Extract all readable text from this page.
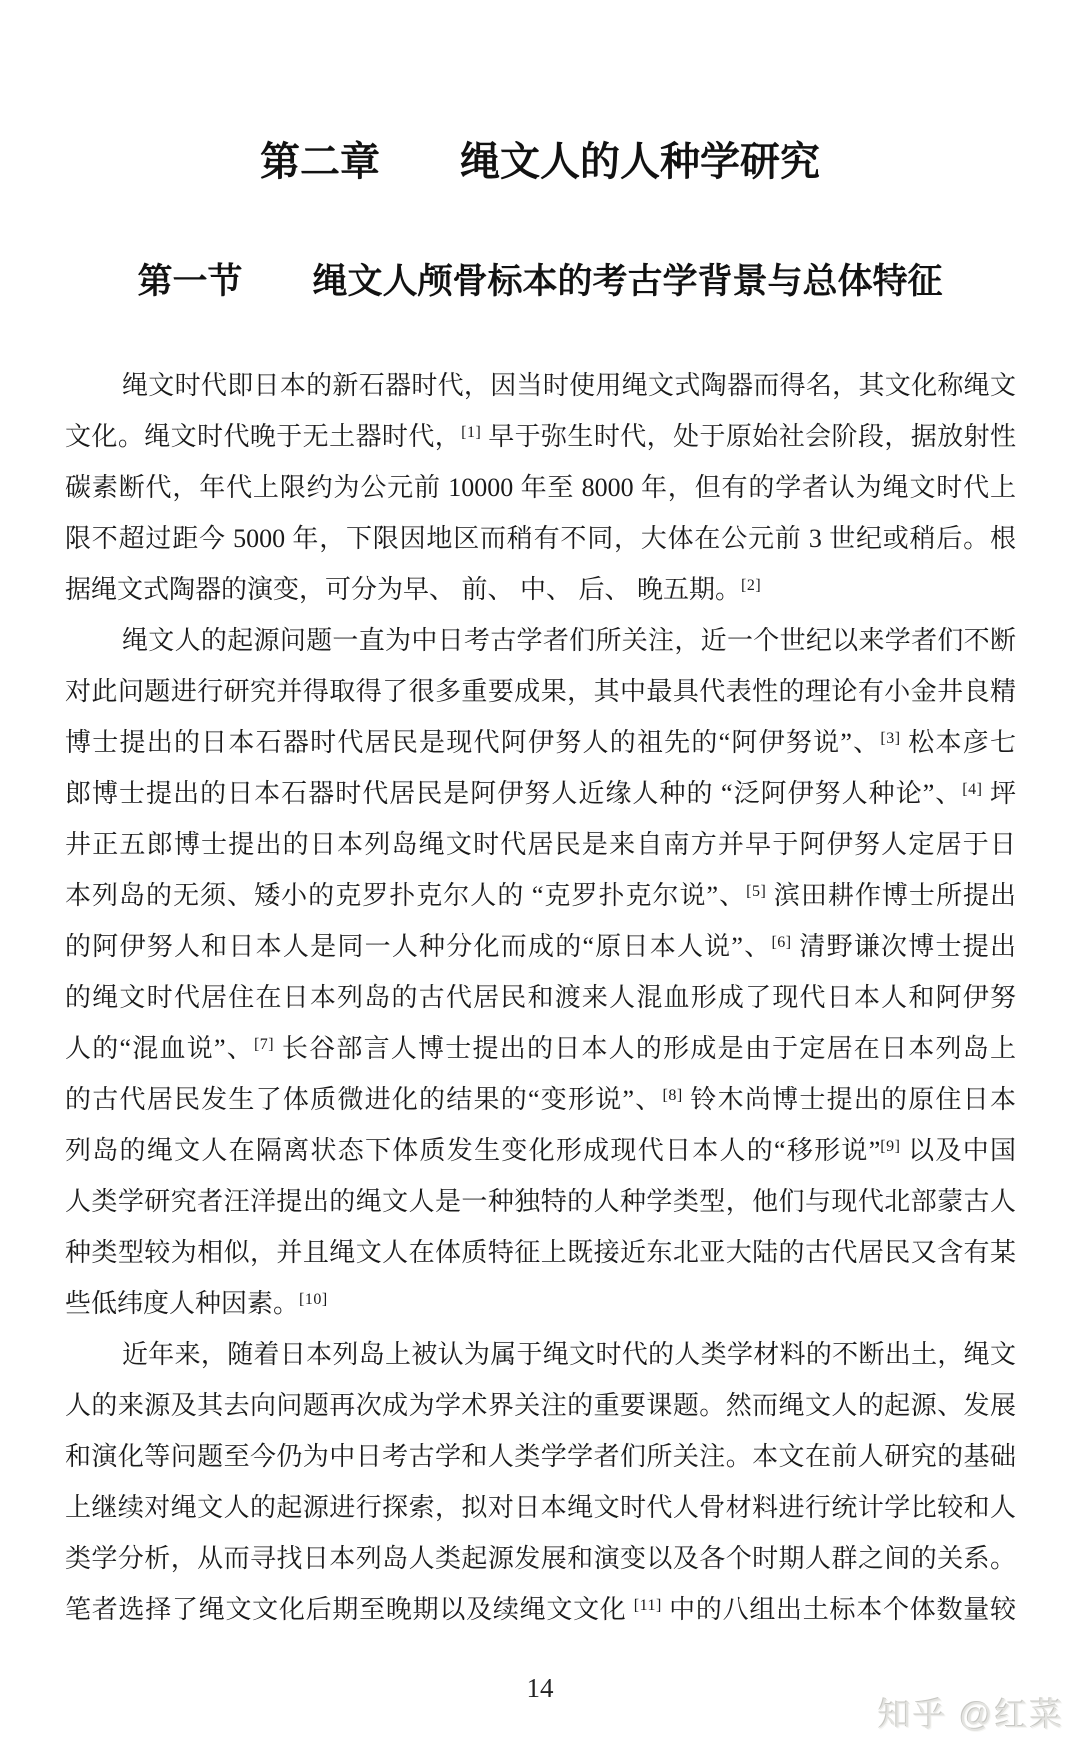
第二章　　绳文人的人种学研究
第一节　　绳文人颅骨标本的考古学背景与总体特征
绳文时代即日本的新石器时代，因当时使用绳文式陶器而得名，其文化称绳文
文化。绳文时代晚于无土器时代，[1] 早于弥生时代，处于原始社会阶段，据放射性
碳素断代，年代上限约为公元前 10000 年至 8000 年，但有的学者认为绳文时代上
限不超过距今 5000 年，下限因地区而稍有不同，大体在公元前 3 世纪或稍后。根
据绳文式陶器的演变，可分为早、 前、 中、 后、 晚五期。[2]
绳文人的起源问题一直为中日考古学者们所关注，近一个世纪以来学者们不断
对此问题进行研究并得取得了很多重要成果，其中最具代表性的理论有小金井良精
博士提出的日本石器时代居民是现代阿伊努人的祖先的“阿伊努说”、[3] 松本彦七
郎博士提出的日本石器时代居民是阿伊努人近缘人种的 “泛阿伊努人种论”、[4] 坪
井正五郎博士提出的日本列岛绳文时代居民是来自南方并早于阿伊努人定居于日
本列岛的无须、矮小的克罗扑克尔人的 “克罗扑克尔说”、[5] 滨田耕作博士所提出
的阿伊努人和日本人是同一人种分化而成的“原日本人说”、[6] 清野谦次博士提出
的绳文时代居住在日本列岛的古代居民和渡来人混血形成了现代日本人和阿伊努
人的“混血说”、[7] 长谷部言人博士提出的日本人的形成是由于定居在日本列岛上
的古代居民发生了体质微进化的结果的“变形说”、[8] 铃木尚博士提出的原住日本
列岛的绳文人在隔离状态下体质发生变化形成现代日本人的“移形说”[9] 以及中国
人类学研究者汪洋提出的绳文人是一种独特的人种学类型，他们与现代北部蒙古人
种类型较为相似，并且绳文人在体质特征上既接近东北亚大陆的古代居民又含有某
些低纬度人种因素。[10]
近年来，随着日本列岛上被认为属于绳文时代的人类学材料的不断出土，绳文
人的来源及其去向问题再次成为学术界关注的重要课题。然而绳文人的起源、发展
和演化等问题至今仍为中日考古学和人类学学者们所关注。本文在前人研究的基础
上继续对绳文人的起源进行探索，拟对日本绳文时代人骨材料进行统计学比较和人
类学分析，从而寻找日本列岛人类起源发展和演变以及各个时期人群之间的关系。
笔者选择了绳文文化后期至晚期以及续绳文文化 [11] 中的八组出土标本个体数量较
14
知乎 @红菜
